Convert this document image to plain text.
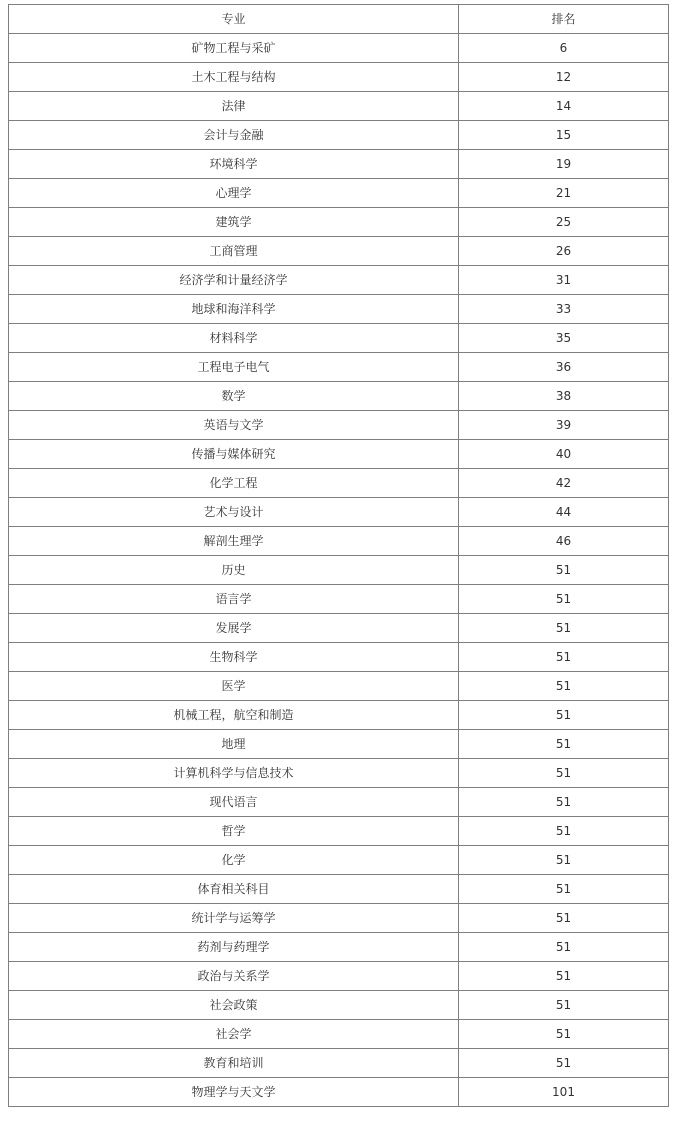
专业	排名
矿物工程与采矿	6
土木工程与结构	12
法律	14
会计与金融	15
环境科学	19
心理学	21
建筑学	25
工商管理	26
经济学和计量经济学	31
地球和海洋科学	33
材料科学	35
工程电子电气	36
数学	38
英语与文学	39
传播与媒体研究	40
化学工程	42
艺术与设计	44
解剖生理学	46
历史	51
语言学	51
发展学	51
生物科学	51
医学	51
机械工程，航空和制造	51
地理	51
计算机科学与信息技术	51
现代语言	51
哲学	51
化学	51
体育相关科目	51
统计学与运筹学	51
药剂与药理学	51
政治与关系学	51
社会政策	51
社会学	51
教育和培训	51
物理学与天文学	101
